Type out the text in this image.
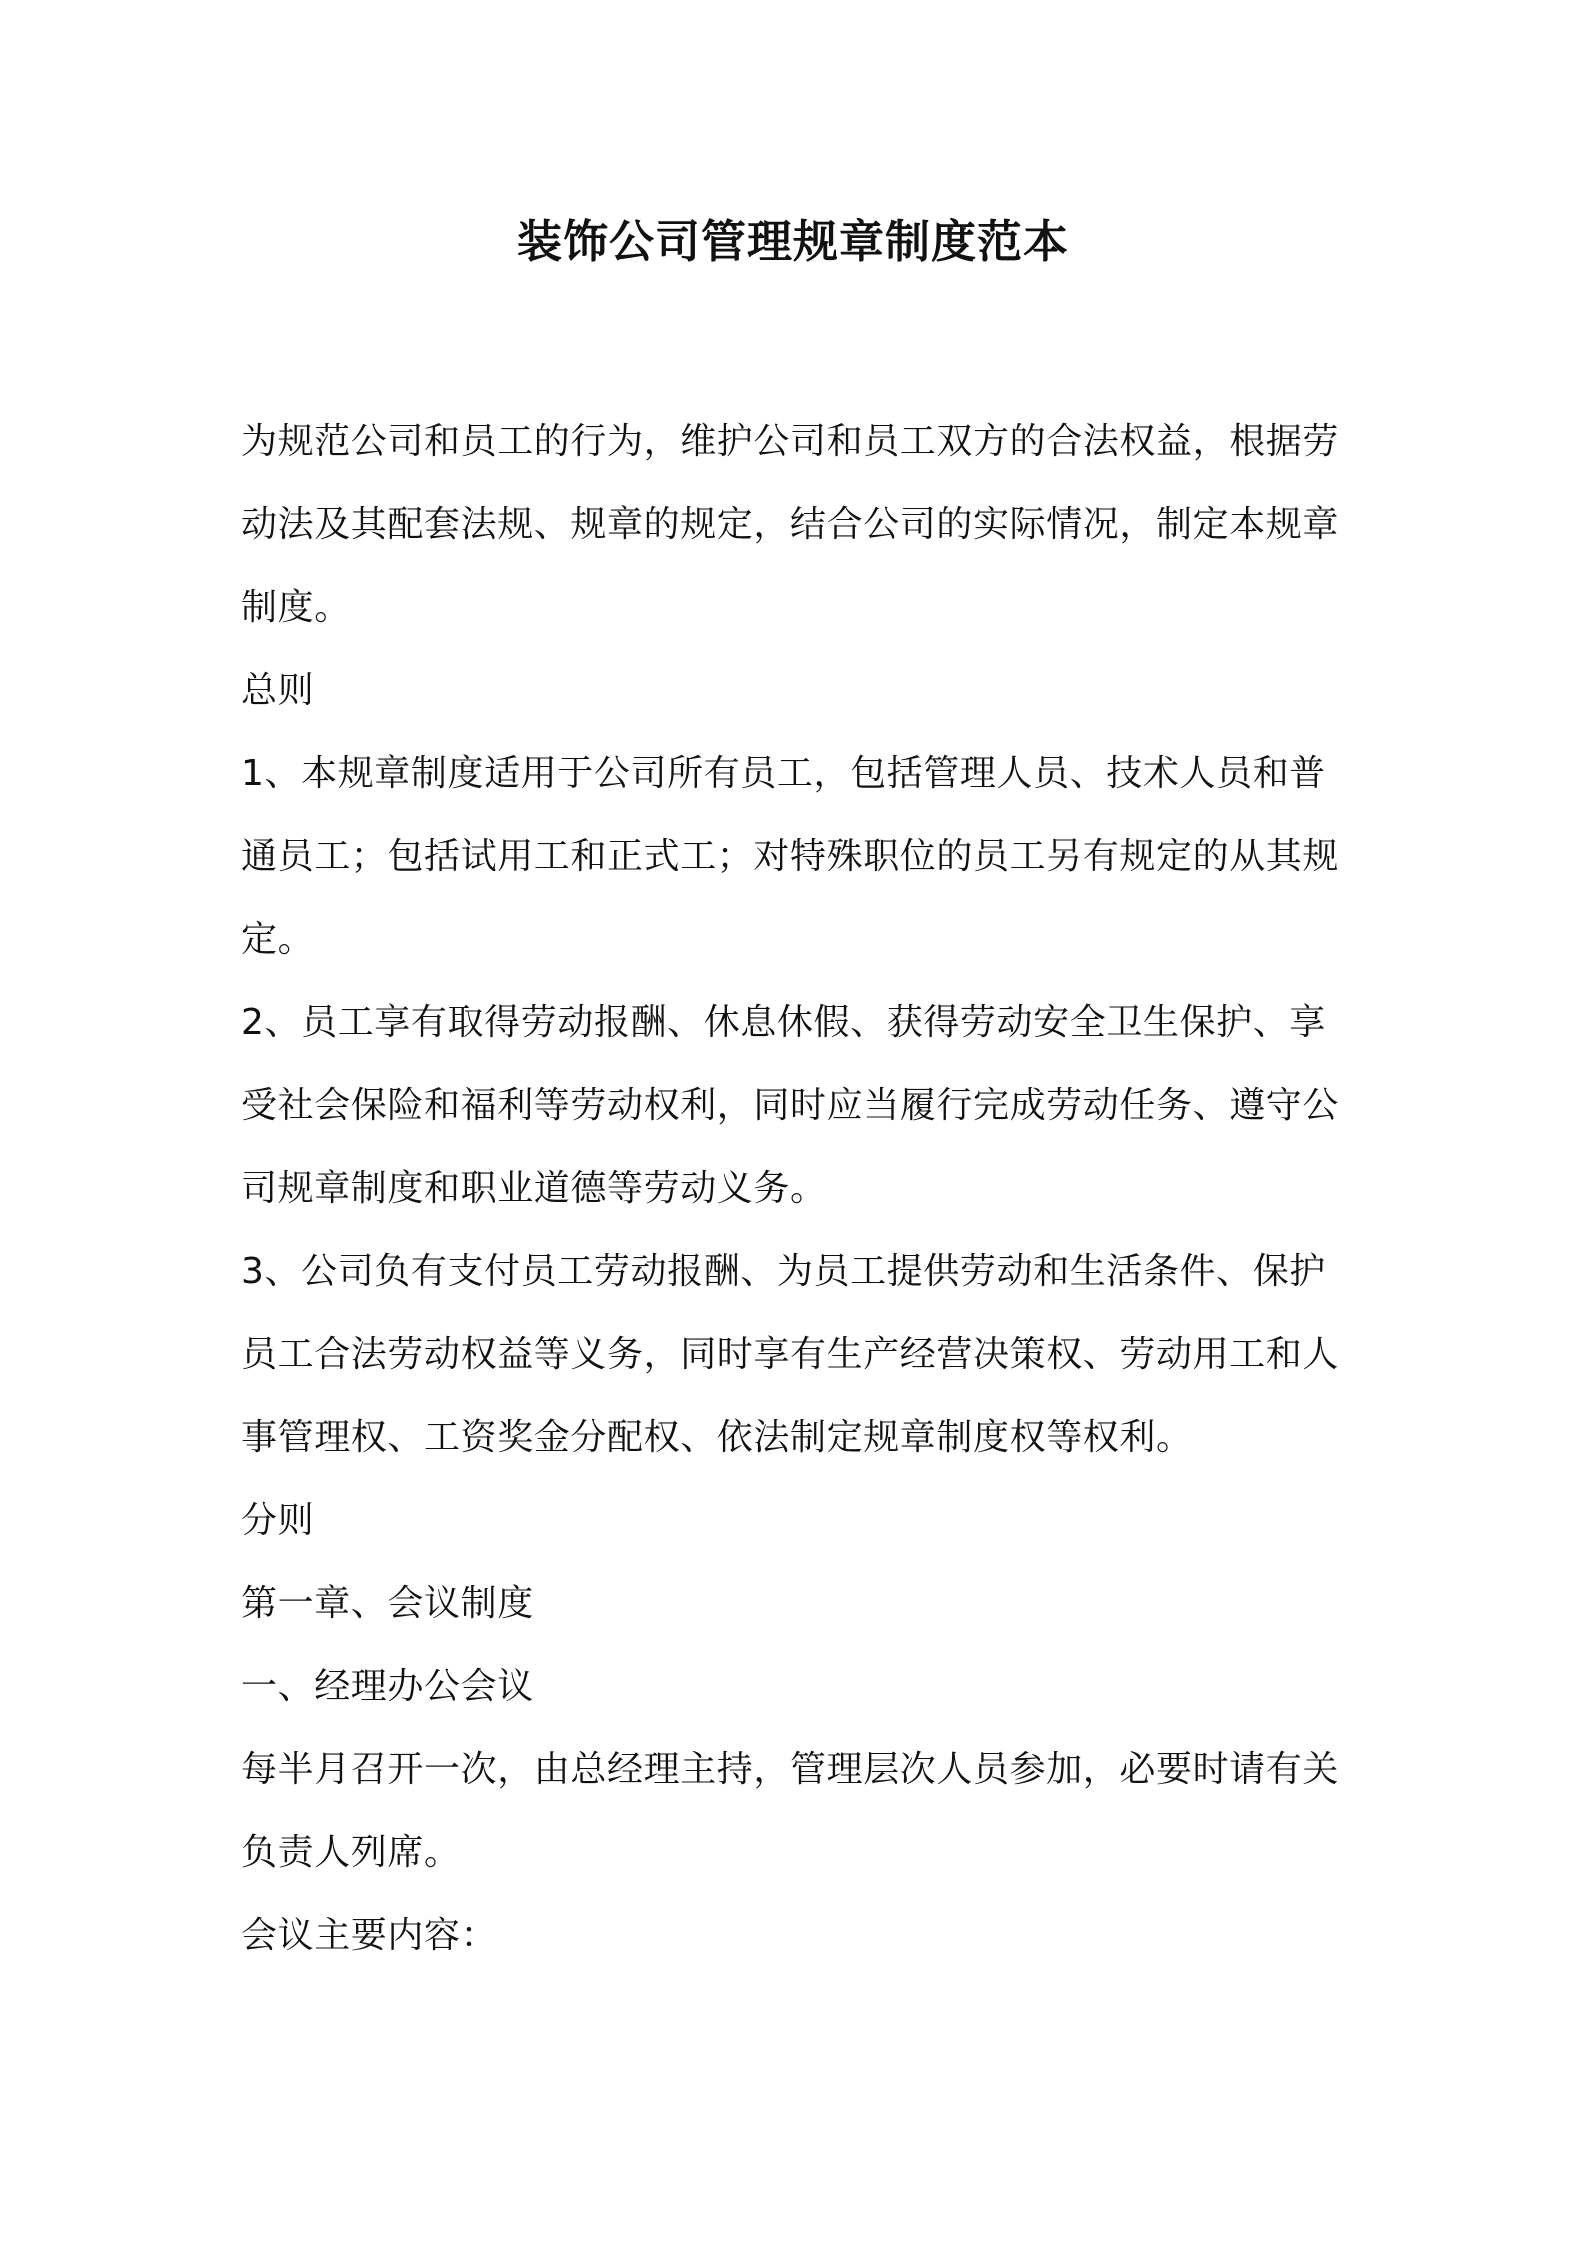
装饰公司管理规章制度范本

为规范公司和员工的行为，维护公司和员工双方的合法权益，根据劳动法及其配套法规、规章的规定，结合公司的实际情况，制定本规章制度。

总则

1、本规章制度适用于公司所有员工，包括管理人员、技术人员和普通员工；包括试用工和正式工；对特殊职位的员工另有规定的从其规定。

2、员工享有取得劳动报酬、休息休假、获得劳动安全卫生保护、享受社会保险和福利等劳动权利，同时应当履行完成劳动任务、遵守公司规章制度和职业道德等劳动义务。

3、公司负有支付员工劳动报酬、为员工提供劳动和生活条件、保护员工合法劳动权益等义务，同时享有生产经营决策权、劳动用工和人事管理权、工资奖金分配权、依法制定规章制度权等权利。

分则

第一章、会议制度

一、经理办公会议

每半月召开一次，由总经理主持，管理层次人员参加，必要时请有关负责人列席。

会议主要内容：
